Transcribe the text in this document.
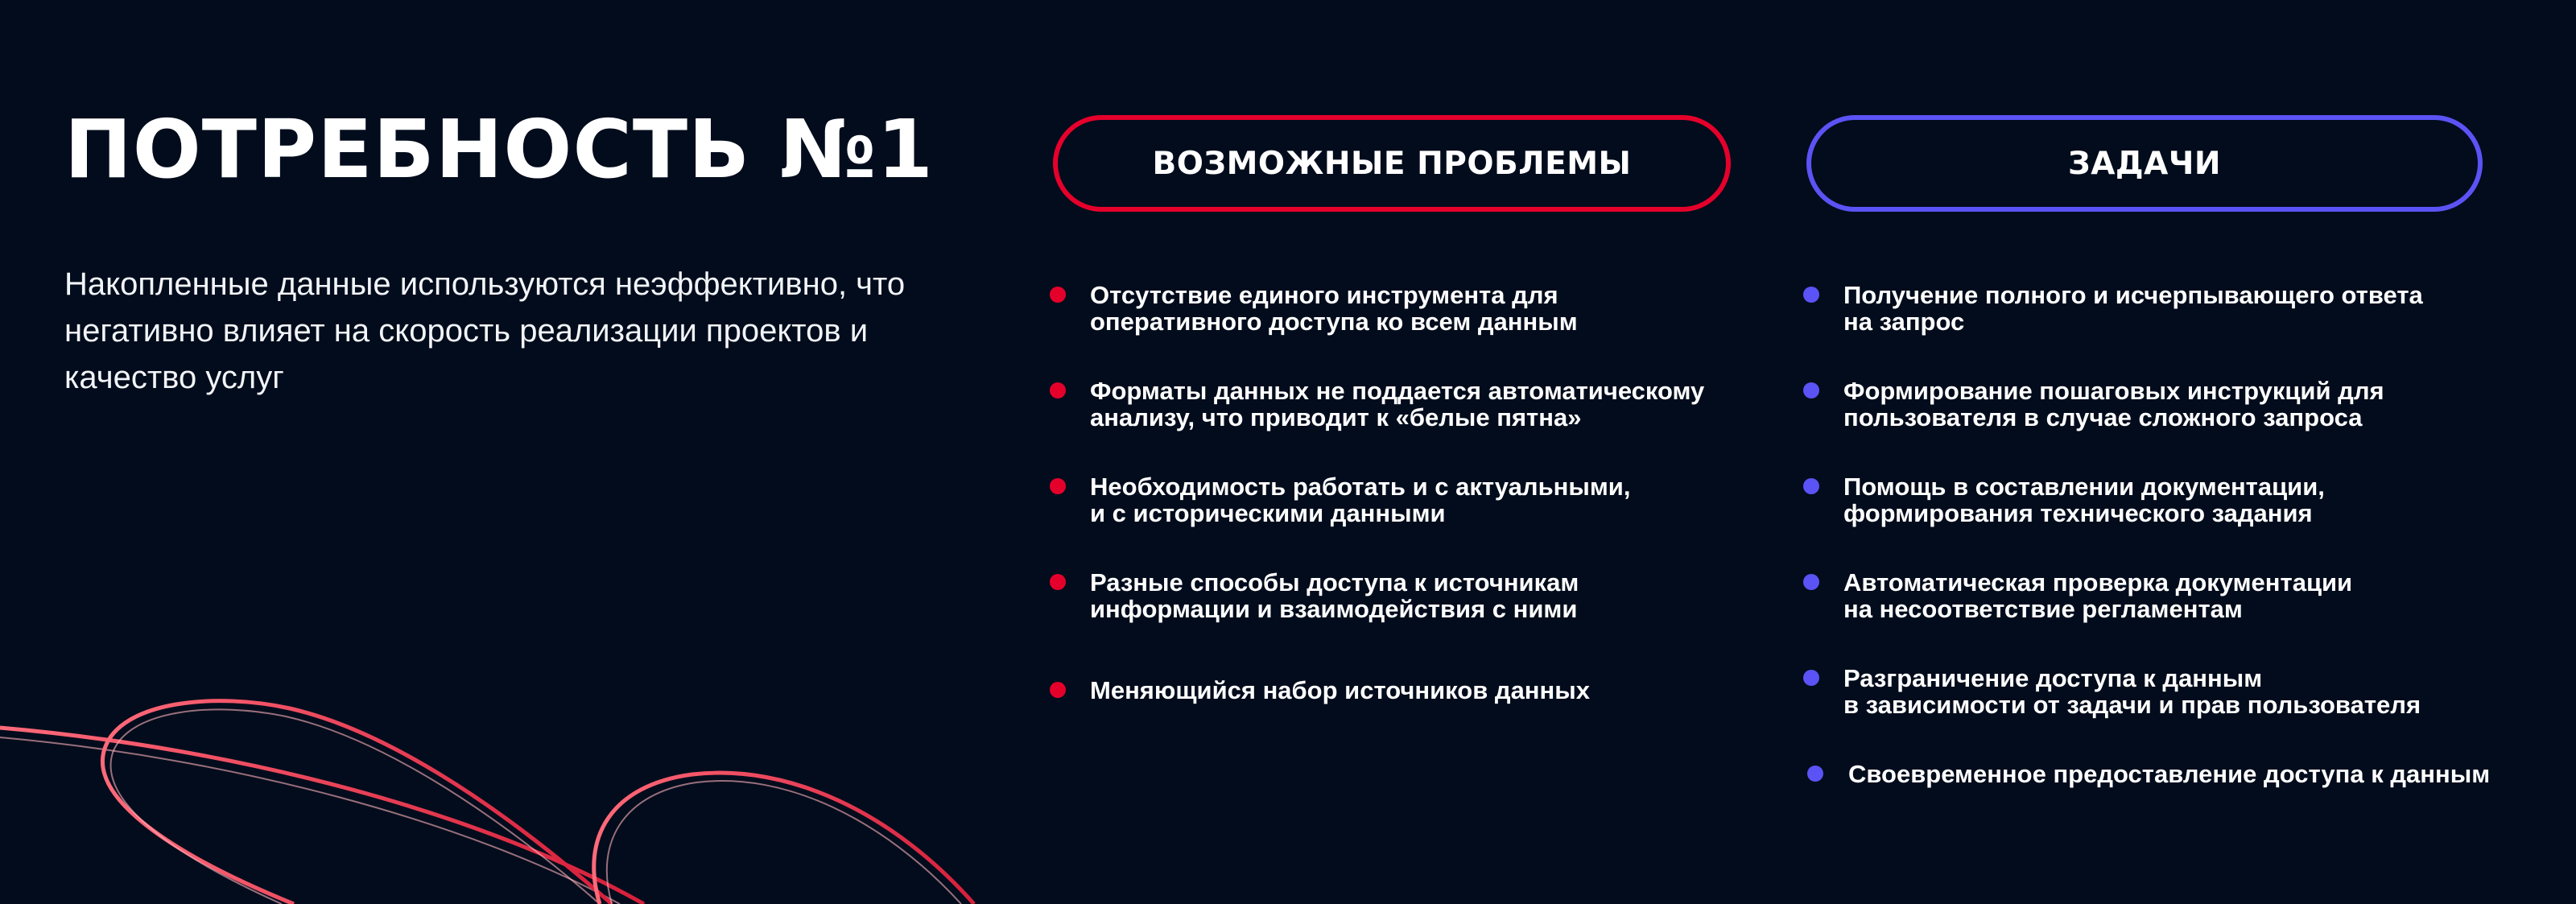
ПОТРЕБНОСТЬ №1

Накопленные данные используются неэффективно, что негативно влияет на скорость реализации проектов и качество услуг

ВОЗМОЖНЫЕ ПРОБЛЕМЫ	ЗАДАЧИ
Отсутствие единого инструмента для
оперативного доступа ко всем данным
Форматы данных не поддается автоматическому
анализу, что приводит к «белые пятна»
Необходимость работать и с актуальными,
и с историческими данными
Разные способы доступа к источникам
информации и взаимодействия с ними
Меняющийся набор источников данных
Получение полного и исчерпывающего ответа
на запрос
Формирование пошаговых инструкций для
пользователя в случае сложного запроса
Помощь в составлении документации,
формирования технического задания
Автоматическая проверка документации
на несоответствие регламентам
Разграничение доступа к данным
в зависимости от задачи и прав пользователя
Своевременное предоставление доступа к данным
